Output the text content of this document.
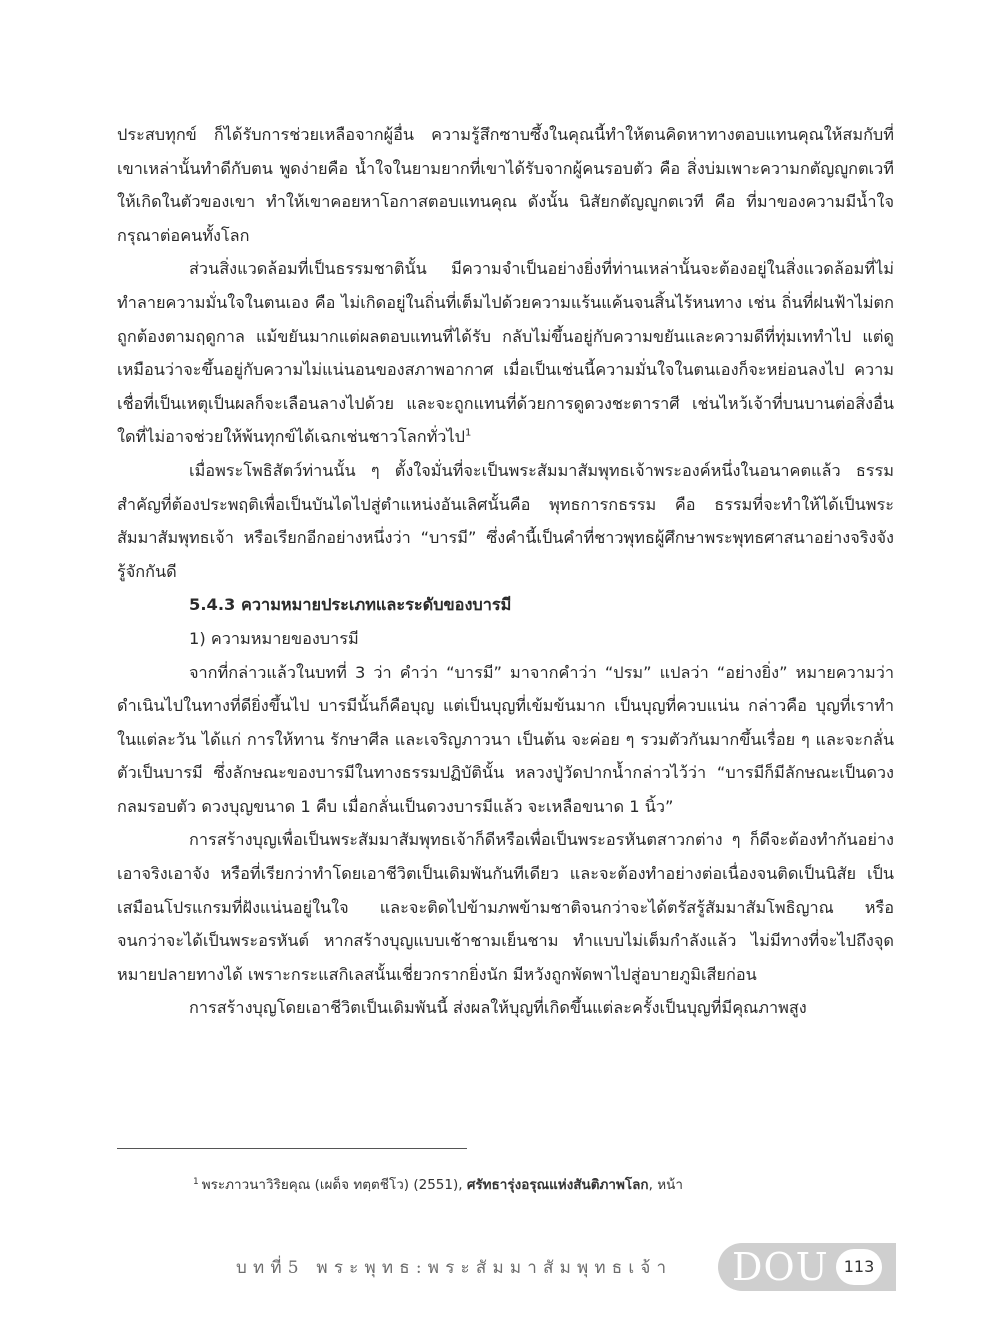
ประสบทุกข์ ก็ได้รับการช่วยเหลือจากผู้อื่น ความรู้สึกซาบซึ้งในคุณนี้ทำให้ตนคิดหาทางตอบแทนคุณให้สมกับที่เขาเหล่านั้นทำดีกับตน พูดง่ายคือ น้ำใจในยามยากที่เขาได้รับจากผู้คนรอบตัว คือ สิ่งบ่มเพาะความกตัญญูกตเวทีให้เกิดในตัวของเขา ทำให้เขาคอยหาโอกาสตอบแทนคุณ ดังนั้น นิสัยกตัญญูกตเวที คือ ที่มาของความมีน้ำใจกรุณาต่อคนทั้งโลก

ส่วนสิ่งแวดล้อมที่เป็นธรรมชาตินั้น มีความจำเป็นอย่างยิ่งที่ท่านเหล่านั้นจะต้องอยู่ในสิ่งแวดล้อมที่ไม่ทำลายความมั่นใจในตนเอง คือ ไม่เกิดอยู่ในถิ่นที่เต็มไปด้วยความแร้นแค้นจนสิ้นไร้หนทาง เช่น ถิ่นที่ฝนฟ้าไม่ตกถูกต้องตามฤดูกาล แม้ขยันมากแต่ผลตอบแทนที่ได้รับ กลับไม่ขึ้นอยู่กับความขยันและความดีที่ทุ่มเททำไป แต่ดูเหมือนว่าจะขึ้นอยู่กับความไม่แน่นอนของสภาพอากาศ เมื่อเป็นเช่นนี้ความมั่นใจในตนเองก็จะหย่อนลงไป ความเชื่อที่เป็นเหตุเป็นผลก็จะเลือนลางไปด้วย และจะถูกแทนที่ด้วยการดูดวงชะตาราศี เช่นไหว้เจ้าที่บนบานต่อสิ่งอื่นใดที่ไม่อาจช่วยให้พ้นทุกข์ได้เฉกเช่นชาวโลกทั่วไป$^1$

เมื่อพระโพธิสัตว์ท่านนั้น ๆ ตั้งใจมั่นที่จะเป็นพระสัมมาสัมพุทธเจ้าพระองค์หนึ่งในอนาคตแล้ว ธรรมสำคัญที่ต้องประพฤติเพื่อเป็นบันไดไปสู่ตำแหน่งอันเลิศนั้นคือ พุทธการกธรรม คือ ธรรมที่จะทำให้ได้เป็นพระสัมมาสัมพุทธเจ้า หรือเรียกอีกอย่างหนึ่งว่า “บารมี” ซึ่งคำนี้เป็นคำที่ชาวพุทธผู้ศึกษาพระพุทธศาสนาอย่างจริงจังรู้จักกันดี

5.4.3 ความหมายประเภทและระดับของบารมี

1) ความหมายของบารมี

จากที่กล่าวแล้วในบทที่ 3 ว่า คำว่า “บารมี” มาจากคำว่า “ปรม” แปลว่า “อย่างยิ่ง” หมายความว่าดำเนินไปในทางที่ดียิ่งขึ้นไป บารมีนั้นก็คือบุญ แต่เป็นบุญที่เข้มข้นมาก เป็นบุญที่ควบแน่น กล่าวคือ บุญที่เราทำในแต่ละวัน ได้แก่ การให้ทาน รักษาศีล และเจริญภาวนา เป็นต้น จะค่อย ๆ รวมตัวกันมากขึ้นเรื่อย ๆ และจะกลั่นตัวเป็นบารมี ซึ่งลักษณะของบารมีในทางธรรมปฏิบัตินั้น หลวงปู่วัดปากน้ำกล่าวไว้ว่า “บารมีก็มีลักษณะเป็นดวงกลมรอบตัว ดวงบุญขนาด 1 คืบ เมื่อกลั่นเป็นดวงบารมีแล้ว จะเหลือขนาด 1 นิ้ว”

การสร้างบุญเพื่อเป็นพระสัมมาสัมพุทธเจ้าก็ดีหรือเพื่อเป็นพระอรหันตสาวกต่าง ๆ ก็ดีจะต้องทำกันอย่างเอาจริงเอาจัง หรือที่เรียกว่าทำโดยเอาชีวิตเป็นเดิมพันกันทีเดียว และจะต้องทำอย่างต่อเนื่องจนติดเป็นนิสัย เป็นเสมือนโปรแกรมที่ฝังแน่นอยู่ในใจ และจะติดไปข้ามภพข้ามชาติจนกว่าจะได้ตรัสรู้สัมมาสัมโพธิญาณ หรือ จนกว่าจะได้เป็นพระอรหันต์ หากสร้างบุญแบบเช้าชามเย็นชาม ทำแบบไม่เต็มกำลังแล้ว ไม่มีทางที่จะไปถึงจุดหมายปลายทางได้ เพราะกระแสกิเลสนั้นเชี่ยวกรากยิ่งนัก มีหวังถูกพัดพาไปสู่อบายภูมิเสียก่อน

การสร้างบุญโดยเอาชีวิตเป็นเดิมพันนี้ ส่งผลให้บุญที่เกิดขึ้นแต่ละครั้งเป็นบุญที่มีคุณภาพสูง

$^1$ พระภาวนาวิริยคุณ (เผด็จ ทตฺตชีโว) (2551), ศรัทธารุ่งอรุณแห่งสันติภาพโลก, หน้า
บทที่5 พระพุทธ:พระสัมมาสัมพุทธเจ้า DOU 113
